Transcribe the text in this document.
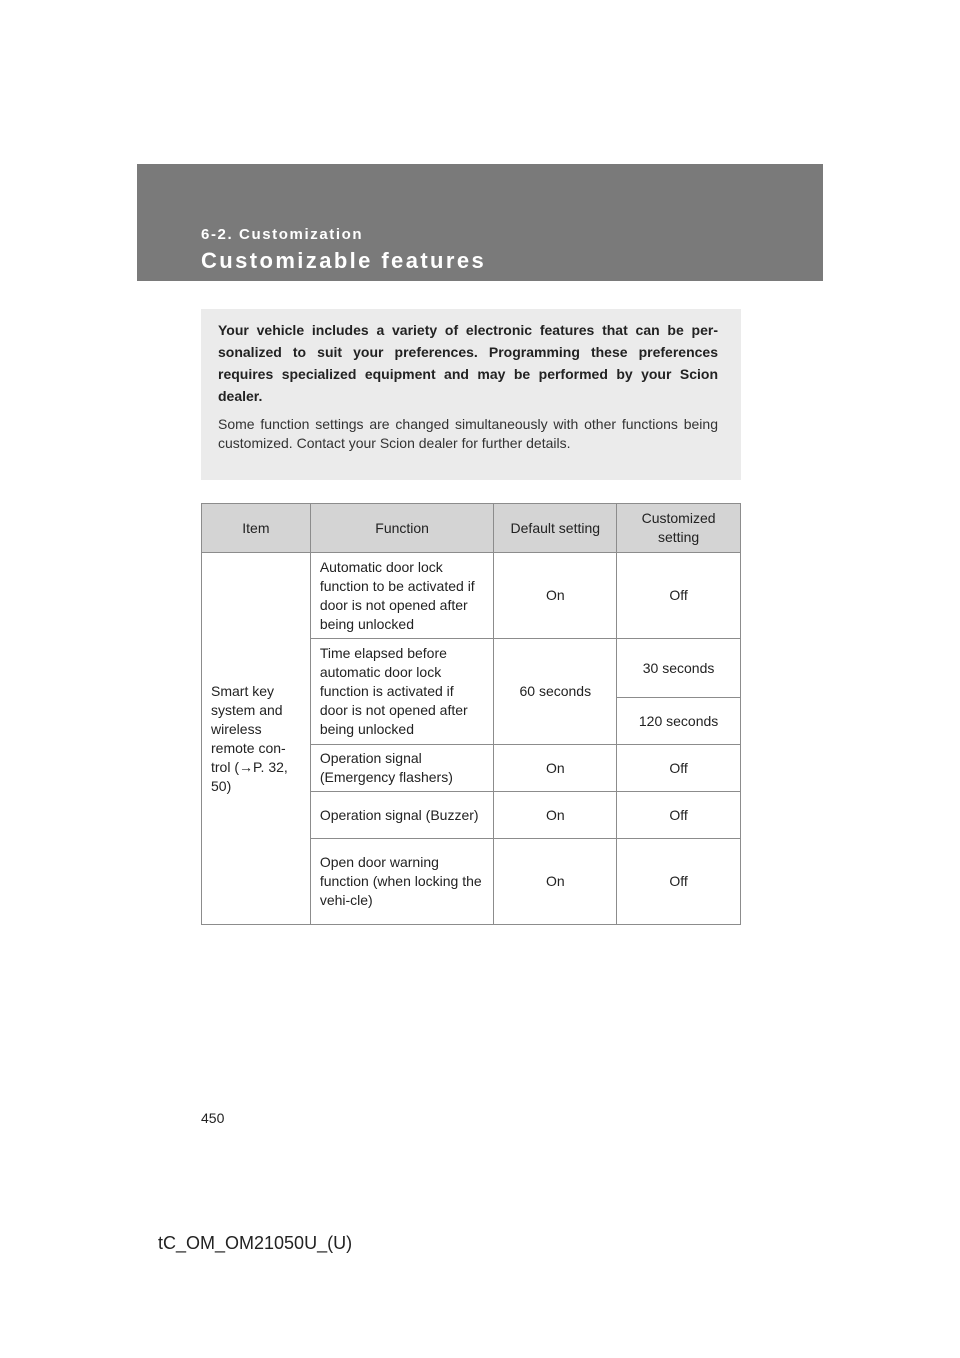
6-2. Customization
Customizable features

Your vehicle includes a variety of electronic features that can be per-sonalized to suit your preferences. Programming these preferences requires specialized equipment and may be performed by your Scion dealer.

Some function settings are changed simultaneously with other functions being customized. Contact your Scion dealer for further details.

Item	Function	Default setting	Customized setting
Smart key system and wireless remote con-trol (→P. 32, 50)	Automatic door lock function to be activated if door is not opened after being unlocked	On	Off
	Time elapsed before automatic door lock function is activated if door is not opened after being unlocked	60 seconds	30 seconds
			120 seconds
	Operation signal (Emergency flashers)	On	Off
	Operation signal (Buzzer)	On	Off
	Open door warning function (when locking the vehi-cle)	On	Off
450
tC_OM_OM21050U_(U)
